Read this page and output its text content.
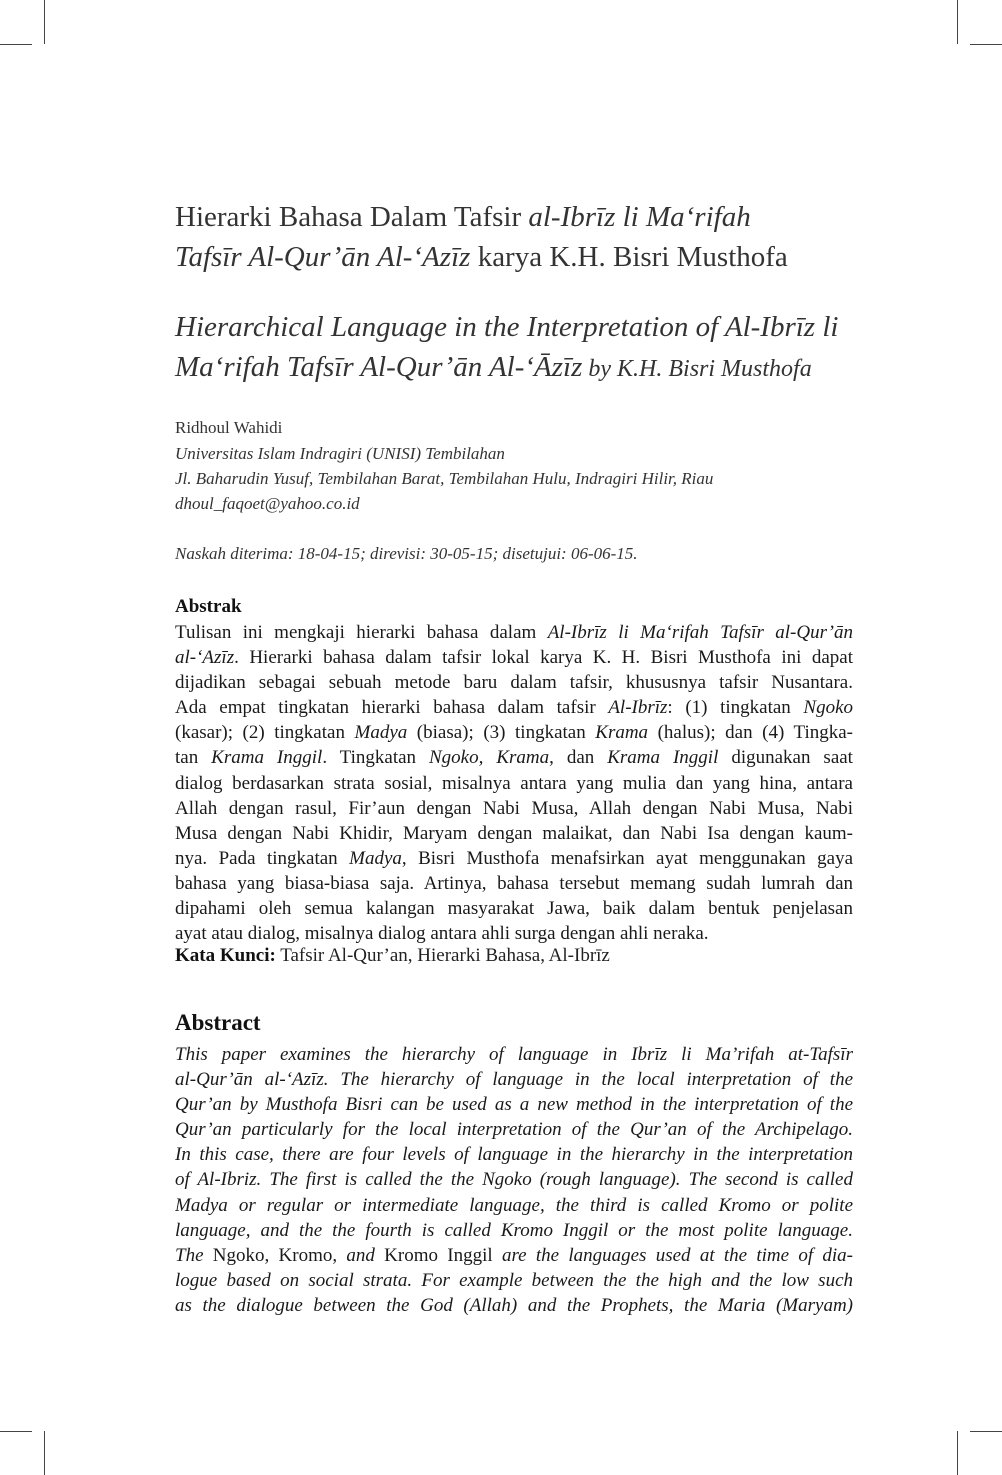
Hierarki Bahasa Dalam Tafsir al-Ibrīz li Ma‘rifah
Tafsīr Al-Qur’ān Al-‘Azīz karya K.H. Bisri Musthofa
Hierarchical Language in the Interpretation of Al-Ibrīz li
Ma‘rifah Tafsīr Al-Qur’ān Al-‘Āzīz by K.H. Bisri Musthofa
Ridhoul Wahidi
Universitas Islam Indragiri (UNISI) Tembilahan
Jl. Baharudin Yusuf, Tembilahan Barat, Tembilahan Hulu, Indragiri Hilir, Riau
dhoul_faqoet@yahoo.co.id
Naskah diterima: 18-04-15; direvisi: 30-05-15; disetujui: 06-06-15.
Abstrak

Tulisan ini mengkaji hierarki bahasa dalam Al-Ibrīz li Ma‘rifah Tafsīr al-Qur’ān

al-‘Azīz. Hierarki bahasa dalam tafsir lokal karya K. H. Bisri Musthofa ini dapat

dijadikan sebagai sebuah metode baru dalam tafsir, khususnya tafsir Nusantara.

Ada empat tingkatan hierarki bahasa dalam tafsir Al-Ibrīz: (1) tingkatan Ngoko

(kasar); (2) tingkatan Madya (biasa); (3) tingkatan Krama (halus); dan (4) Tingka-

tan Krama Inggil. Tingkatan Ngoko, Krama, dan Krama Inggil digunakan saat

dialog berdasarkan strata sosial, misalnya antara yang mulia dan yang hina, antara

Allah dengan rasul, Fir’aun dengan Nabi Musa, Allah dengan Nabi Musa, Nabi

Musa dengan Nabi Khidir, Maryam dengan malaikat, dan Nabi Isa dengan kaum-

nya. Pada tingkatan Madya, Bisri Musthofa menafsirkan ayat menggunakan gaya

bahasa yang biasa-biasa saja. Artinya, bahasa tersebut memang sudah lumrah dan

dipahami oleh semua kalangan masyarakat Jawa, baik dalam bentuk penjelasan

ayat atau dialog, misalnya dialog antara ahli surga dengan ahli neraka.

Kata Kunci: Tafsir Al-Qur’an, Hierarki Bahasa, Al-Ibrīz
Abstract

This paper examines the hierarchy of language in Ibrīz li Ma’rifah at-Tafsīr

al-Qur’ān al-‘Azīz. The hierarchy of language in the local interpretation of the

Qur’an by Musthofa Bisri can be used as a new method in the interpretation of the

Qur’an particularly for the local interpretation of the Qur’an of the Archipelago.

In this case, there are four levels of language in the hierarchy in the interpretation

of Al-Ibriz. The first is called the the Ngoko (rough language). The second is called

Madya or regular or intermediate language, the third is called Kromo or polite

language, and the the fourth is called Kromo Inggil or the most polite language.

The Ngoko, Kromo, and Kromo Inggil are the languages used at the time of dia-

logue based on social strata. For example between the the high and the low such

as the dialogue between the God (Allah) and the Prophets, the Maria (Maryam)
